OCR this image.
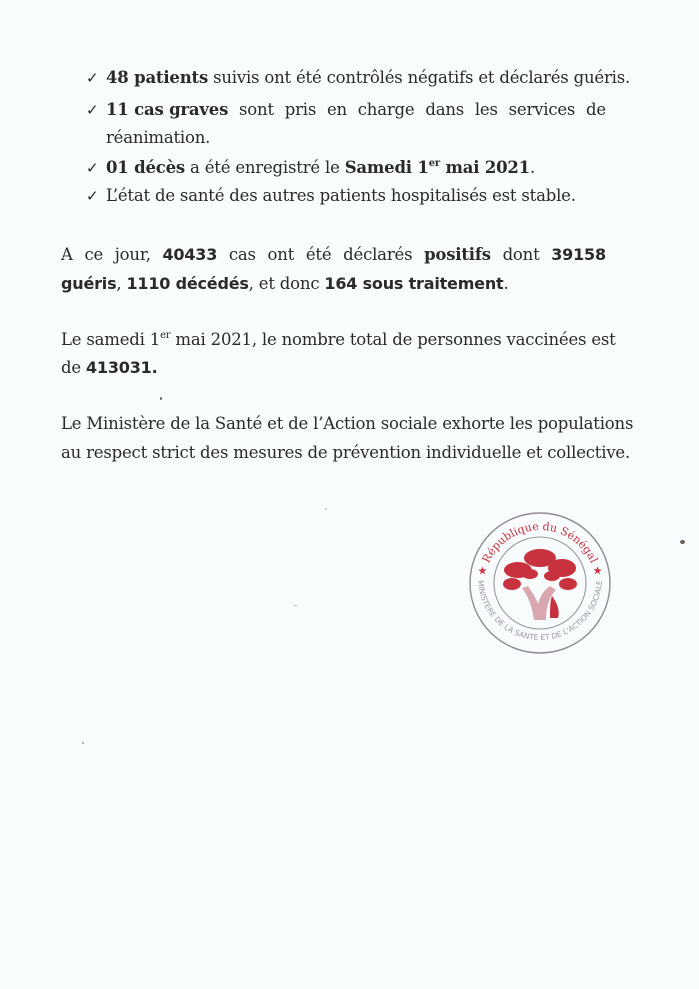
✓ 48 patients suivis ont été contrôlés négatifs et déclarés guéris.
✓ 11 cas graves sont pris en charge dans les services de
réanimation.
✓ 01 décès a été enregistré le Samedi 1er mai 2021.
✓ L’état de santé des autres patients hospitalisés est stable.
A ce jour, 40433 cas ont été déclarés positifs dont 39158
guéris, 1110 décédés, et donc 164 sous traitement.
Le samedi 1er mai 2021, le nombre total de personnes vaccinées est
de 413031.
Le Ministère de la Santé et de l’Action sociale exhorte les populations
au respect strict des mesures de prévention individuelle et collective.
★ République du Sénégal ★
MINISTERE DE LA SANTE ET DE L'ACTION SOCIALE
